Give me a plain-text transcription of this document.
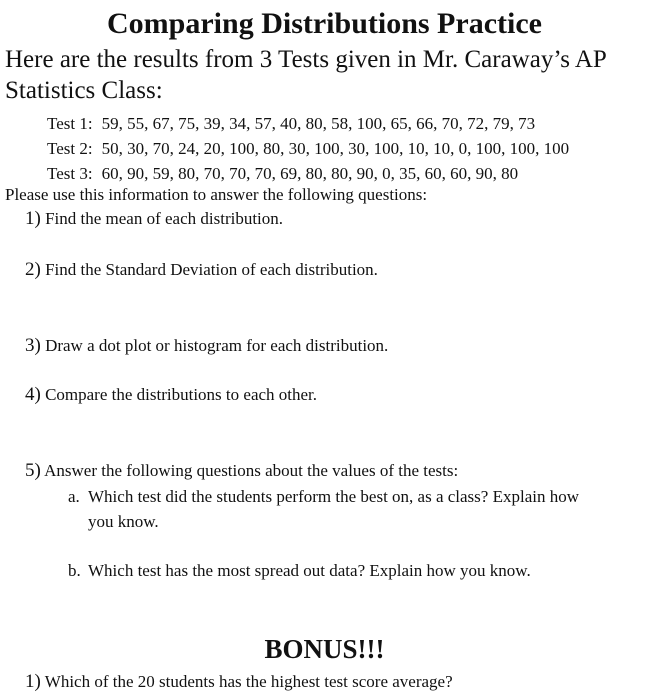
Comparing Distributions Practice
Here are the results from 3 Tests given in Mr. Caraway’s AP Statistics Class:
Test 1: 59, 55, 67, 75, 39, 34, 57, 40, 80, 58, 100, 65, 66, 70, 72, 79, 73
Test 2: 50, 30, 70, 24, 20, 100, 80, 30, 100, 30, 100, 10, 10, 0, 100, 100, 100
Test 3: 60, 90, 59, 80, 70, 70, 70, 69, 80, 80, 90, 0, 35, 60, 60, 90, 80
Please use this information to answer the following questions:
1) Find the mean of each distribution.
2) Find the Standard Deviation of each distribution.
3) Draw a dot plot or histogram for each distribution.
4) Compare the distributions to each other.
5) Answer the following questions about the values of the tests:
a. Which test did the students perform the best on, as a class? Explain how
you know.
b. Which test has the most spread out data? Explain how you know.
BONUS!!!
1) Which of the 20 students has the highest test score average?
